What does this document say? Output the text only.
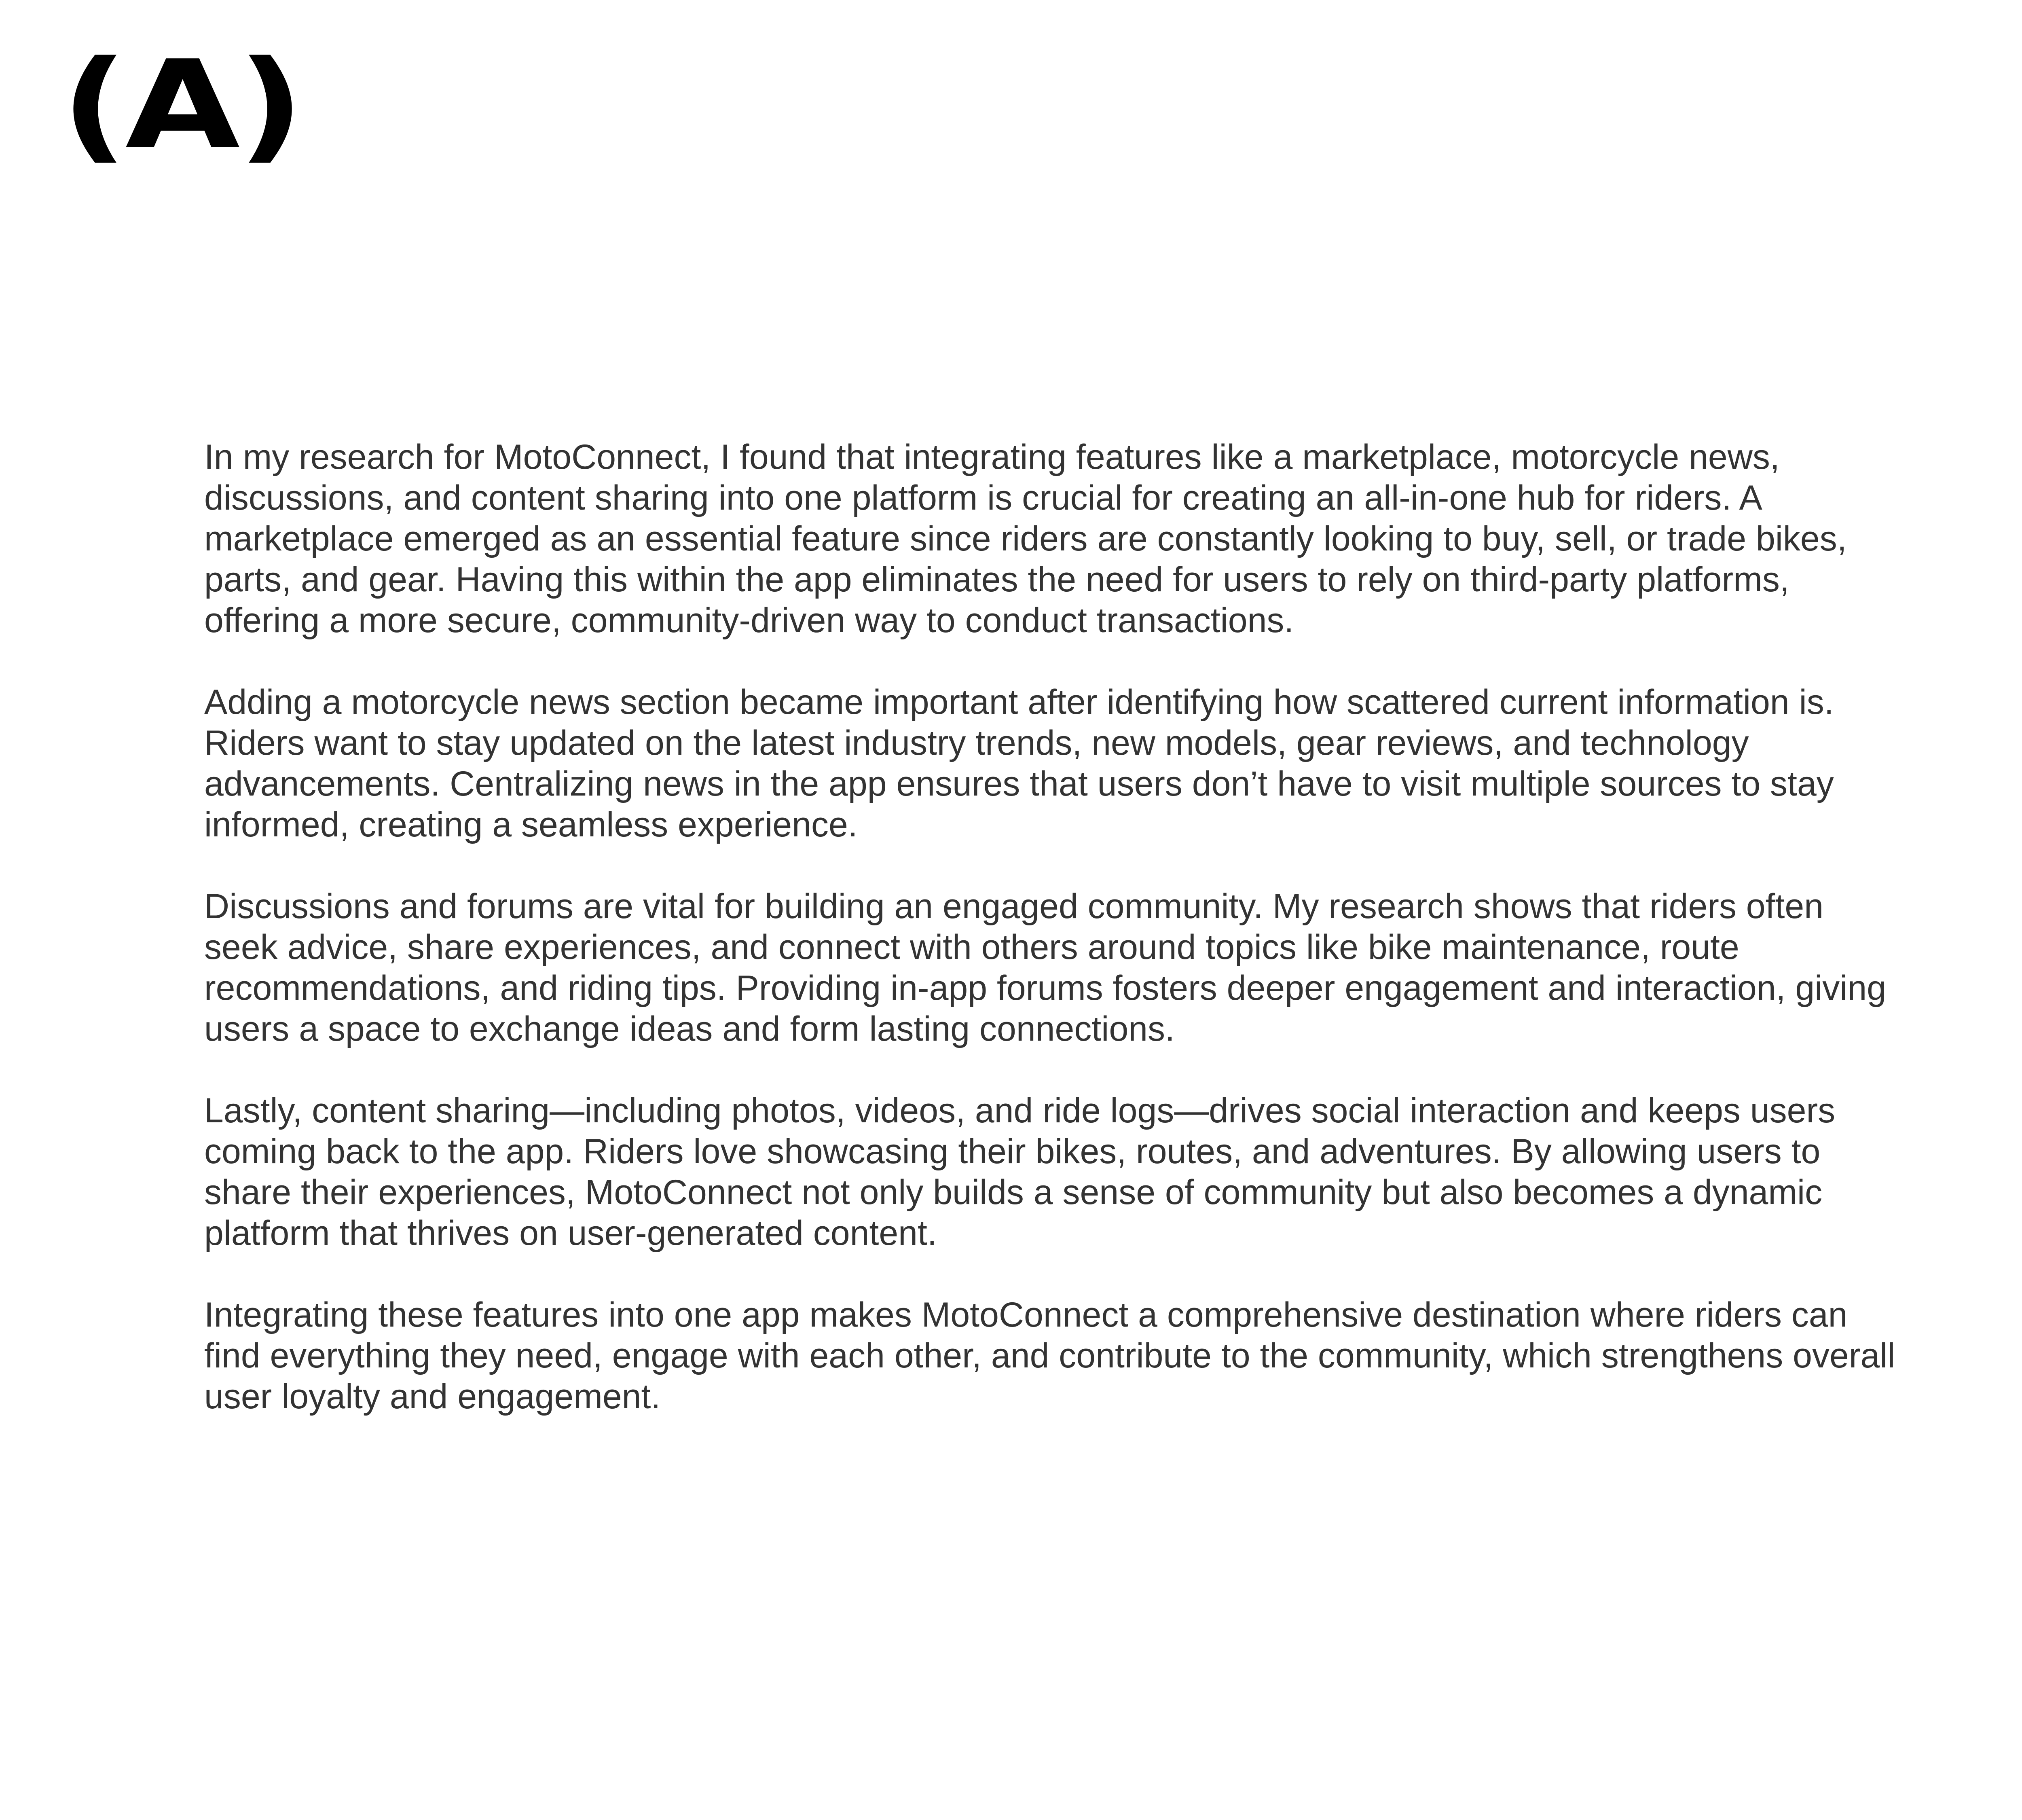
(A)

In my research for MotoConnect, I found that integrating features like a marketplace, motorcycle news, discussions, and content sharing into one platform is crucial for creating an all-in-one hub for riders. A marketplace emerged as an essential feature since riders are constantly looking to buy, sell, or trade bikes, parts, and gear. Having this within the app eliminates the need for users to rely on third-party platforms, offering a more secure, community-driven way to conduct transactions.

Adding a motorcycle news section became important after identifying how scattered current information is. Riders want to stay updated on the latest industry trends, new models, gear reviews, and technology advancements. Centralizing news in the app ensures that users don’t have to visit multiple sources to stay informed, creating a seamless experience.

Discussions and forums are vital for building an engaged community. My research shows that riders often seek advice, share experiences, and connect with others around topics like bike maintenance, route recommendations, and riding tips. Providing in-app forums fosters deeper engagement and interaction, giving users a space to exchange ideas and form lasting connections.

Lastly, content sharing—including photos, videos, and ride logs—drives social interaction and keeps users coming back to the app. Riders love showcasing their bikes, routes, and adventures. By allowing users to share their experiences, MotoConnect not only builds a sense of community but also becomes a dynamic platform that thrives on user-generated content.

Integrating these features into one app makes MotoConnect a comprehensive destination where riders can find everything they need, engage with each other, and contribute to the community, which strengthens overall user loyalty and engagement.
